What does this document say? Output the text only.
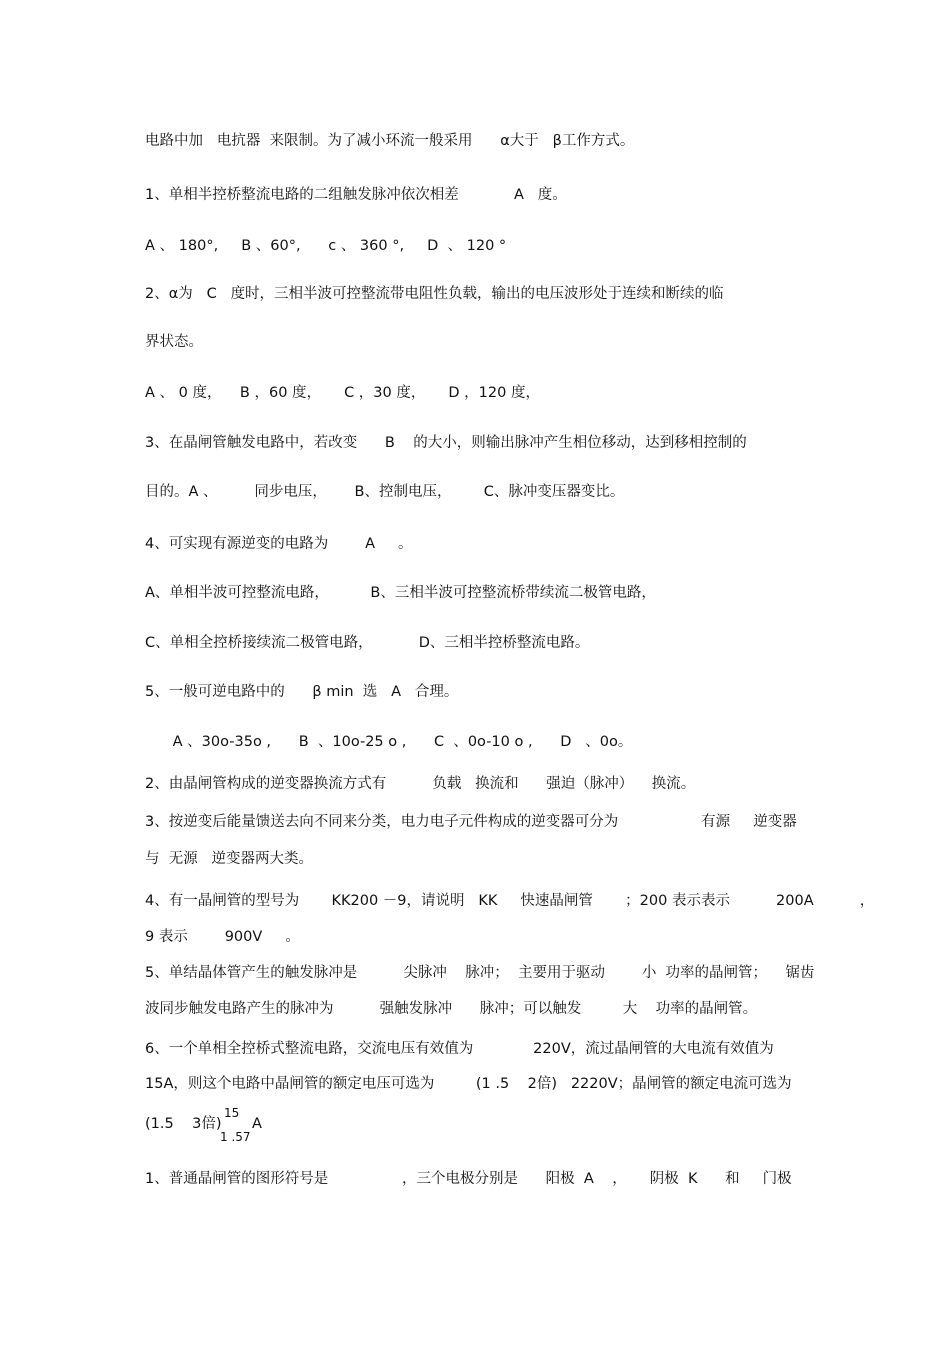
电路中加   电抗器  来限制。为了减小环流一般采用      α大于   β工作方式。
1、单相半控桥整流电路的二组触发脉冲依次相差            A   度。
A 、 180°,     B 、60°,      c 、 360 °,     D  、 120 °
2、α为   C   度时，三相半波可控整流带电阻性负载，输出的电压波形处于连续和断续的临
界状态。
A 、 0 度，    B ，60 度，     C ，30 度，     D ，120 度，
3、在晶闸管触发电路中，若改变      B    的大小，则输出脉冲产生相位移动，达到移相控制的
目的。A 、        同步电压，      B、控制电压，       C、脉冲变压器变比。
4、可实现有源逆变的电路为        A     。
A、单相半波可控整流电路，         B、三相半波可控整流桥带续流二极管电路，
C、单相全控桥接续流二极管电路，          D、三相半控桥整流电路。
5、一般可逆电路中的      β min  选   A   合理。
A 、30o-35o ,      B  、10o-25 o ,      C  、0o-10 o ,      D   、0o。
2、由晶闸管构成的逆变器换流方式有          负载   换流和      强迫（脉冲）    换流。
3、按逆变后能量馈送去向不同来分类，电力电子元件构成的逆变器可分为                  有源     逆变器
与  无源   逆变器两大类。
4、有一晶闸管的型号为       KK200 －9，请说明   KK     快速晶闸管       ；200 表示表示          200A          ，
9 表示        900V     。
5、单结晶体管产生的触发脉冲是          尖脉冲    脉冲；  主要用于驱动        小  功率的晶闸管；    锯齿
波同步触发电路产生的脉冲为          强触发脉冲      脉冲；可以触发         大    功率的晶闸管。
6、一个单相全控桥式整流电路，交流电压有效值为             220V，流过晶闸管的大电流有效值为
15A，则这个电路中晶闸管的额定电压可选为         (1 .5    2倍)   2220V；晶闸管的额定电流可选为
(1.5    3倍)
15
1 .57
A
1、普通晶闸管的图形符号是                ，三个电极分别是      阳极  A    ，     阴极  K      和     门极
